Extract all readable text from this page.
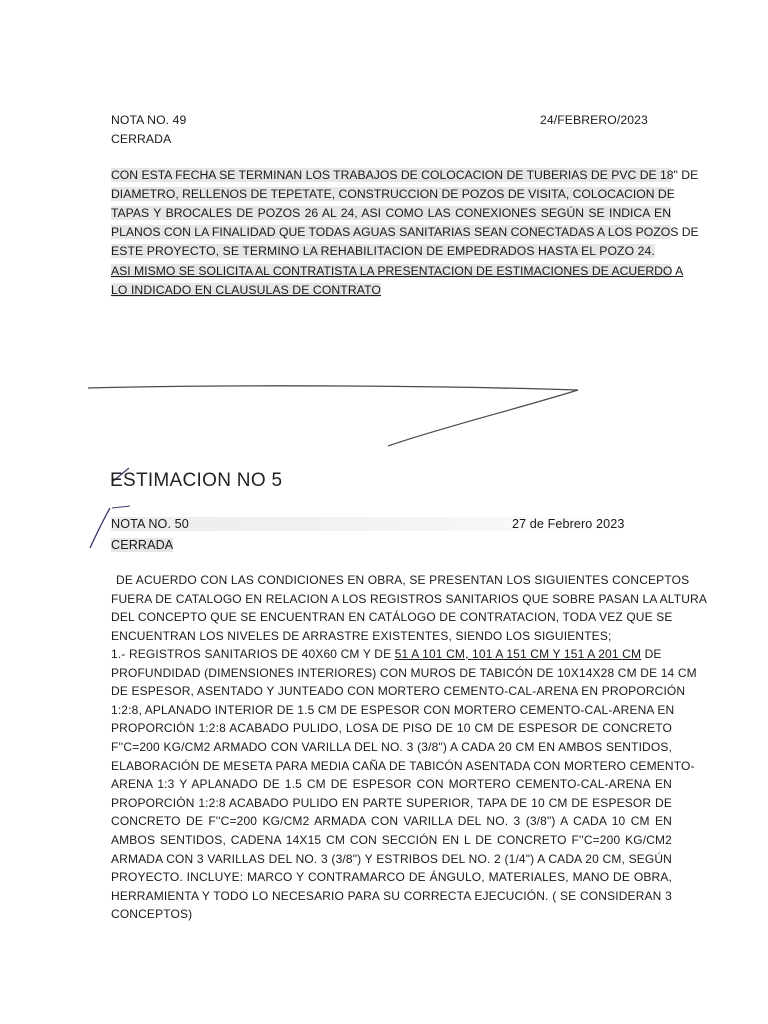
NOTA NO. 49	24/FEBRERO/2023
CERRADA
CON ESTA FECHA SE TERMINAN LOS TRABAJOS DE COLOCACION DE TUBERIAS DE PVC DE 18" DE
DIAMETRO, RELLENOS DE TEPETATE, CONSTRUCCION DE POZOS DE VISITA, COLOCACION DE
TAPAS Y BROCALES DE POZOS 26 AL 24, ASI COMO LAS CONEXIONES SEGÚN SE INDICA EN
PLANOS CON LA FINALIDAD QUE TODAS AGUAS SANITARIAS SEAN CONECTADAS A LOS POZOS DE
ESTE PROYECTO, SE TERMINO LA REHABILITACION DE EMPEDRADOS HASTA EL POZO 24.
ASI MISMO SE SOLICITA AL CONTRATISTA LA PRESENTACION DE ESTIMACIONES DE ACUERDO A
LO INDICADO EN CLAUSULAS DE CONTRATO
ESTIMACION NO 5
NOTA NO. 50	27 de Febrero 2023
CERRADA
DE ACUERDO CON LAS CONDICIONES EN OBRA, SE PRESENTAN LOS SIGUIENTES CONCEPTOS
FUERA DE CATALOGO EN RELACION A LOS REGISTROS SANITARIOS QUE SOBRE PASAN LA ALTURA
DEL CONCEPTO QUE SE ENCUENTRAN EN CATÁLOGO DE CONTRATACION, TODA VEZ QUE SE
ENCUENTRAN LOS NIVELES DE ARRASTRE EXISTENTES, SIENDO LOS SIGUIENTES;
1.- REGISTROS SANITARIOS DE 40X60 CM Y DE 51 A 101 CM, 101 A 151 CM Y 151 A 201 CM DE
PROFUNDIDAD (DIMENSIONES INTERIORES) CON MUROS DE TABICÓN DE 10X14X28 CM DE 14 CM
DE ESPESOR, ASENTADO Y JUNTEADO CON MORTERO CEMENTO-CAL-ARENA EN PROPORCIÓN
1:2:8, APLANADO INTERIOR DE 1.5 CM DE ESPESOR CON MORTERO CEMENTO-CAL-ARENA EN
PROPORCIÓN 1:2:8 ACABADO PULIDO, LOSA DE PISO DE 10 CM DE ESPESOR DE CONCRETO
F''C=200 KG/CM2 ARMADO CON VARILLA DEL NO. 3 (3/8") A CADA 20 CM EN AMBOS SENTIDOS,
ELABORACIÓN DE MESETA PARA MEDIA CAÑA DE TABICÓN ASENTADA CON MORTERO CEMENTO-
ARENA 1:3 Y APLANADO DE 1.5 CM DE ESPESOR CON MORTERO CEMENTO-CAL-ARENA EN
PROPORCIÓN 1:2:8 ACABADO PULIDO EN PARTE SUPERIOR, TAPA DE 10 CM DE ESPESOR DE
CONCRETO DE F''C=200 KG/CM2 ARMADA CON VARILLA DEL NO. 3 (3/8") A CADA 10 CM EN
AMBOS SENTIDOS, CADENA 14X15 CM CON SECCIÓN EN L DE CONCRETO F''C=200 KG/CM2
ARMADA CON 3 VARILLAS DEL NO. 3 (3/8") Y ESTRIBOS DEL NO. 2 (1/4") A CADA 20 CM, SEGÚN
PROYECTO. INCLUYE: MARCO Y CONTRAMARCO DE ÁNGULO, MATERIALES, MANO DE OBRA,
HERRAMIENTA Y TODO LO NECESARIO PARA SU CORRECTA EJECUCIÓN. ( SE CONSIDERAN 3
CONCEPTOS)
